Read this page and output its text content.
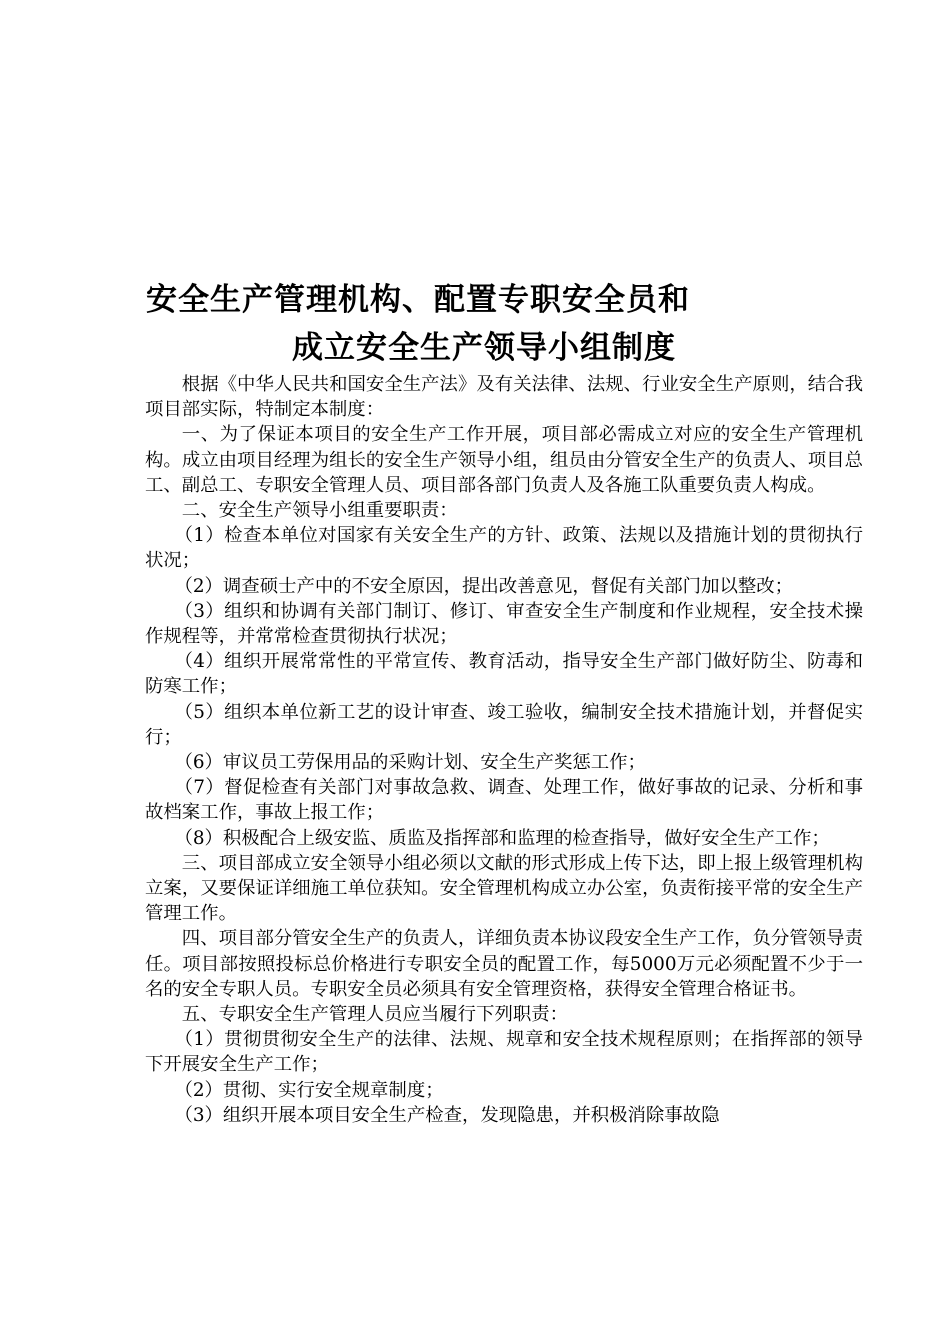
安全生产管理机构、配置专职安全员和
成立安全生产领导小组制度

根据《中华人民共和国安全生产法》及有关法律、法规、行业安全生产原则，结合我项目部实际，特制定本制度：

一、为了保证本项目的安全生产工作开展，项目部必需成立对应的安全生产管理机构。成立由项目经理为组长的安全生产领导小组，组员由分管安全生产的负责人、项目总工、副总工、专职安全管理人员、项目部各部门负责人及各施工队重要负责人构成。

二、安全生产领导小组重要职责：

（1）检查本单位对国家有关安全生产的方针、政策、法规以及措施计划的贯彻执行状况；

（2）调查硕士产中的不安全原因，提出改善意见，督促有关部门加以整改；

（3）组织和协调有关部门制订、修订、审查安全生产制度和作业规程，安全技术操作规程等，并常常检查贯彻执行状况；

（4）组织开展常常性的平常宣传、教育活动，指导安全生产部门做好防尘、防毒和防寒工作；

（5）组织本单位新工艺的设计审查、竣工验收，编制安全技术措施计划，并督促实行；

（6）审议员工劳保用品的采购计划、安全生产奖惩工作；

（7）督促检查有关部门对事故急救、调查、处理工作，做好事故的记录、分析和事故档案工作，事故上报工作；

（8）积极配合上级安监、质监及指挥部和监理的检查指导，做好安全生产工作；

三、项目部成立安全领导小组必须以文献的形式形成上传下达，即上报上级管理机构立案，又要保证详细施工单位获知。安全管理机构成立办公室，负责衔接平常的安全生产管理工作。

四、项目部分管安全生产的负责人，详细负责本协议段安全生产工作，负分管领导责任。项目部按照投标总价格进行专职安全员的配置工作，每5000万元必须配置不少于一名的安全专职人员。专职安全员必须具有安全管理资格，获得安全管理合格证书。

五、专职安全生产管理人员应当履行下列职责：

（1）贯彻贯彻安全生产的法律、法规、规章和安全技术规程原则；在指挥部的领导下开展安全生产工作；

（2）贯彻、实行安全规章制度；

（3）组织开展本项目安全生产检查，发现隐患，并积极消除事故隐
